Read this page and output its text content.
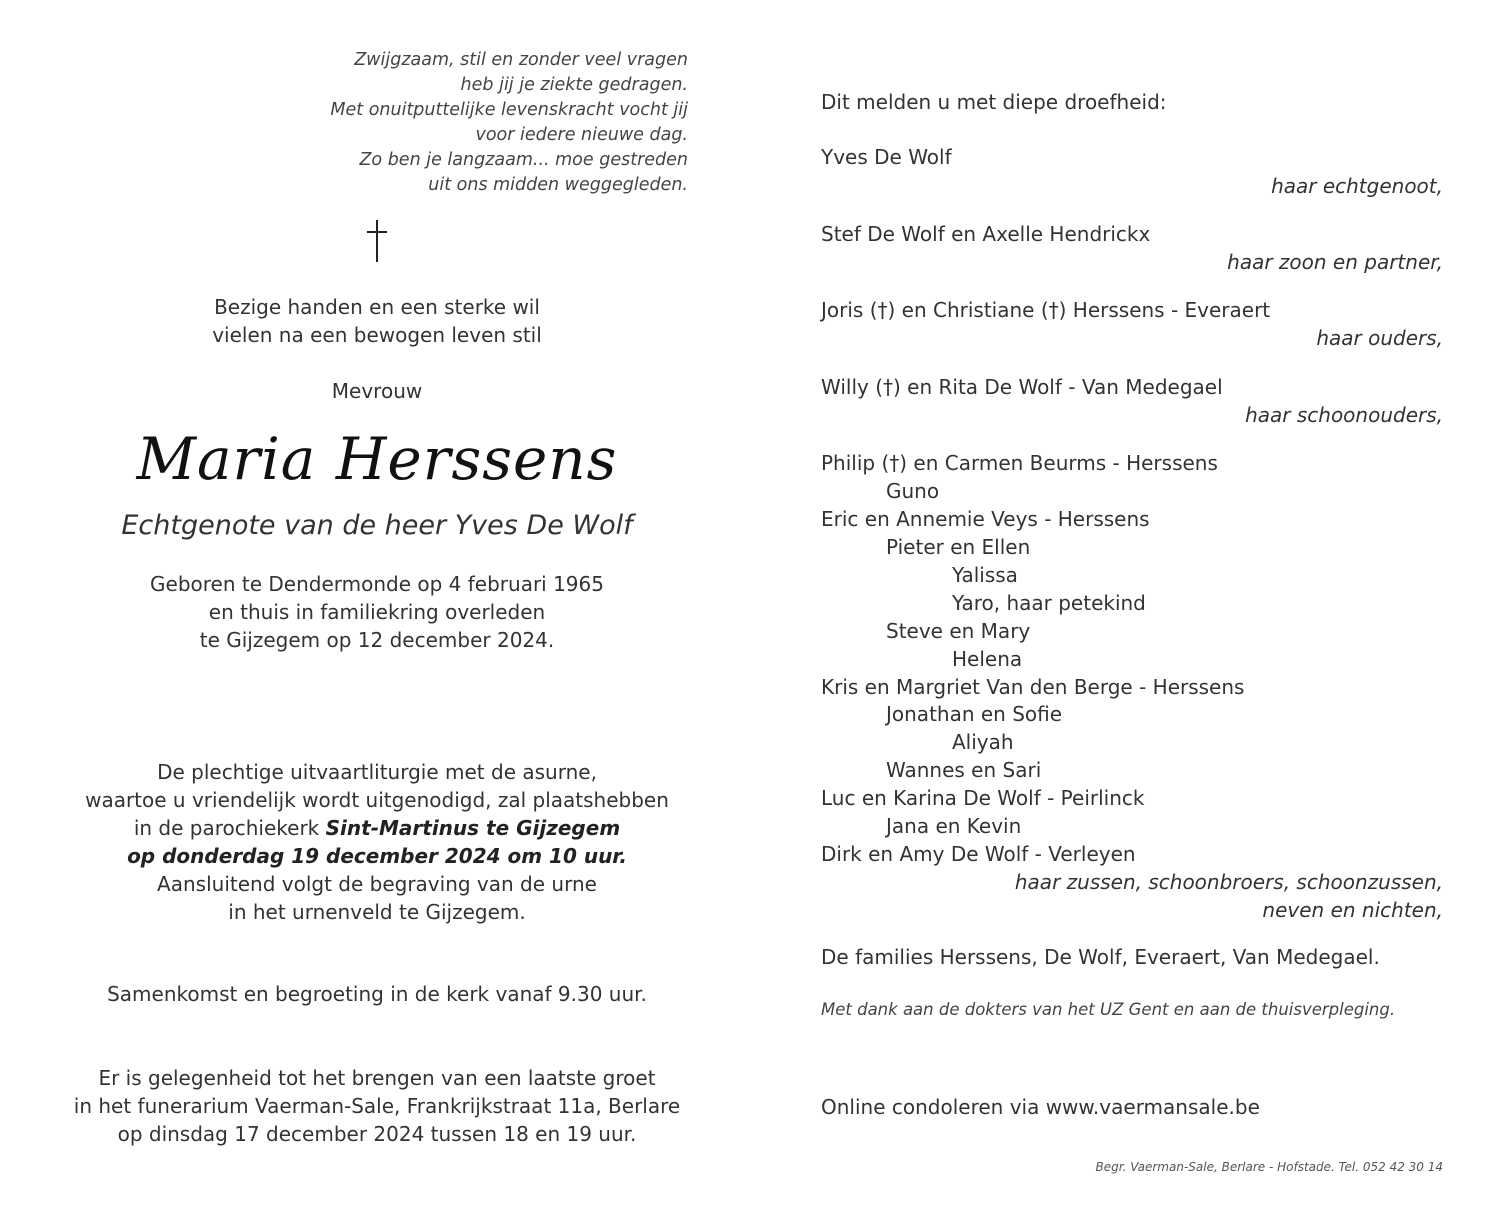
Zwijgzaam, stil en zonder veel vragen
heb jij je ziekte gedragen.
Met onuitputtelijke levenskracht vocht jij
voor iedere nieuwe dag.
Zo ben je langzaam... moe gestreden
uit ons midden weggegleden.
Bezige handen en een sterke wil
vielen na een bewogen leven stil
Mevrouw
Maria Herssens
Echtgenote van de heer Yves De Wolf
Geboren te Dendermonde op 4 februari 1965
en thuis in familiekring overleden
te Gijzegem op 12 december 2024.
De plechtige uitvaartliturgie met de asurne,
waartoe u vriendelijk wordt uitgenodigd, zal plaatshebben
in de parochiekerk Sint-Martinus te Gijzegem
op donderdag 19 december 2024 om 10 uur.
Aansluitend volgt de begraving van de urne
in het urnenveld te Gijzegem.
Samenkomst en begroeting in de kerk vanaf 9.30 uur.
Er is gelegenheid tot het brengen van een laatste groet
in het funerarium Vaerman-Sale, Frankrijkstraat 11a, Berlare
op dinsdag 17 december 2024 tussen 18 en 19 uur.
Dit melden u met diepe droefheid:
Yves De Wolf
haar echtgenoot,
Stef De Wolf en Axelle Hendrickx
haar zoon en partner,
Joris (†) en Christiane (†) Herssens - Everaert
haar ouders,
Willy (†) en Rita De Wolf - Van Medegael
haar schoonouders,
Philip (†) en Carmen Beurms - Herssens
Guno
Eric en Annemie Veys - Herssens
Pieter en Ellen
Yalissa
Yaro, haar petekind
Steve en Mary
Helena
Kris en Margriet Van den Berge - Herssens
Jonathan en Sofie
Aliyah
Wannes en Sari
Luc en Karina De Wolf - Peirlinck
Jana en Kevin
Dirk en Amy De Wolf - Verleyen
haar zussen, schoonbroers, schoonzussen,
neven en nichten,
De families Herssens, De Wolf, Everaert, Van Medegael.
Met dank aan de dokters van het UZ Gent en aan de thuisverpleging.
Online condoleren via www.vaermansale.be
Begr. Vaerman-Sale, Berlare - Hofstade. Tel. 052 42 30 14
